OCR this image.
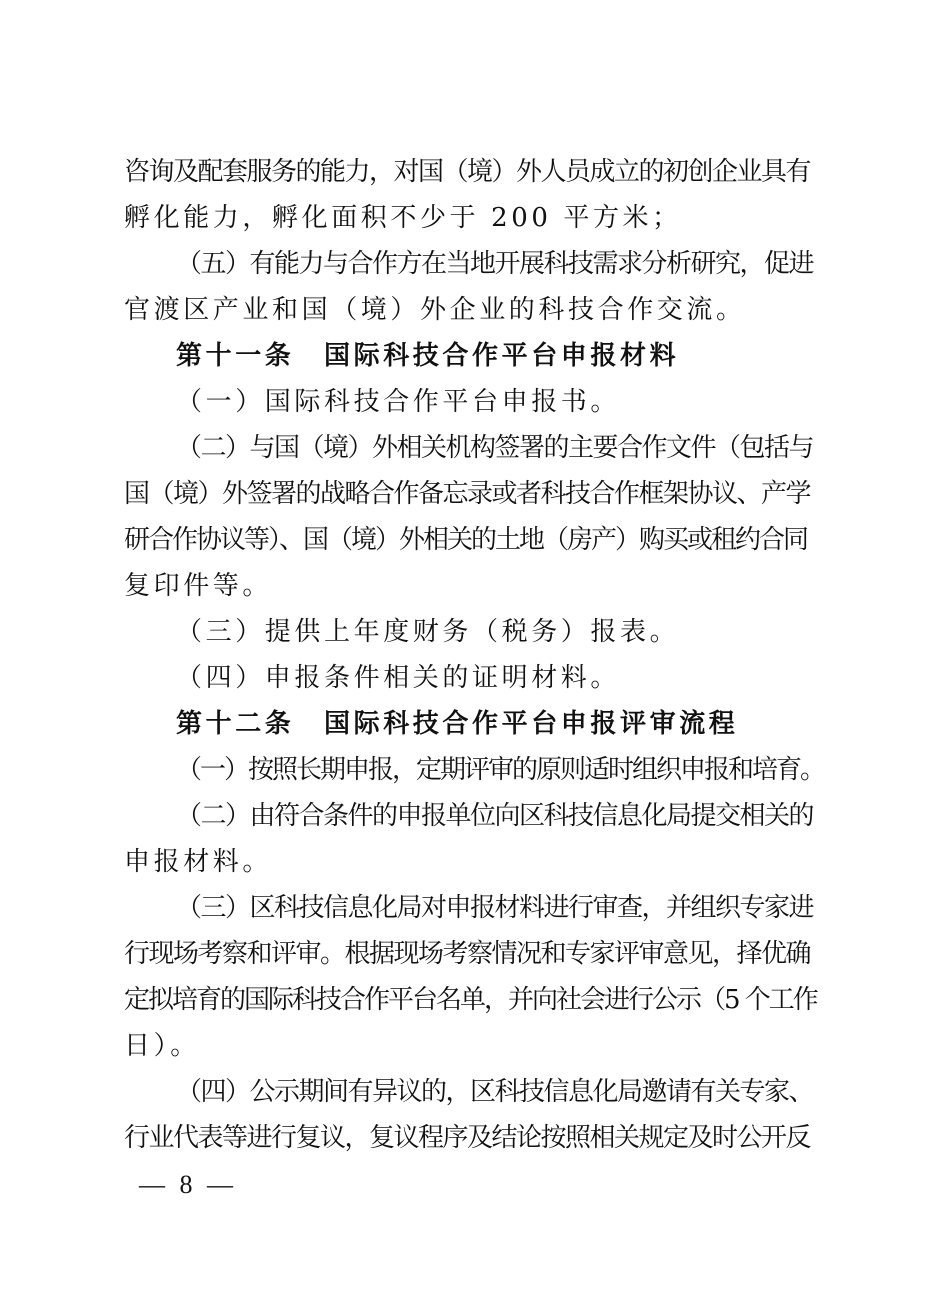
咨询及配套服务的能力，对国（境）外人员成立的初创企业具有
孵化能力，孵化面积不少于 200 平方米；
（五）有能力与合作方在当地开展科技需求分析研究，促进
官渡区产业和国（境）外企业的科技合作交流。
第十一条　国际科技合作平台申报材料
（一）国际科技合作平台申报书。
（二）与国（境）外相关机构签署的主要合作文件（包括与
国（境）外签署的战略合作备忘录或者科技合作框架协议、产学
研合作协议等）、国（境）外相关的土地（房产）购买或租约合同
复印件等。
（三）提供上年度财务（税务）报表。
（四）申报条件相关的证明材料。
第十二条　国际科技合作平台申报评审流程
（一）按照长期申报，定期评审的原则适时组织申报和培育。
（二）由符合条件的申报单位向区科技信息化局提交相关的
申报材料。
（三）区科技信息化局对申报材料进行审查，并组织专家进
行现场考察和评审。根据现场考察情况和专家评审意见，择优确
定拟培育的国际科技合作平台名单，并向社会进行公示（5 个工作
日）。
（四）公示期间有异议的，区科技信息化局邀请有关专家、
行业代表等进行复议，复议程序及结论按照相关规定及时公开反
— 8 —
